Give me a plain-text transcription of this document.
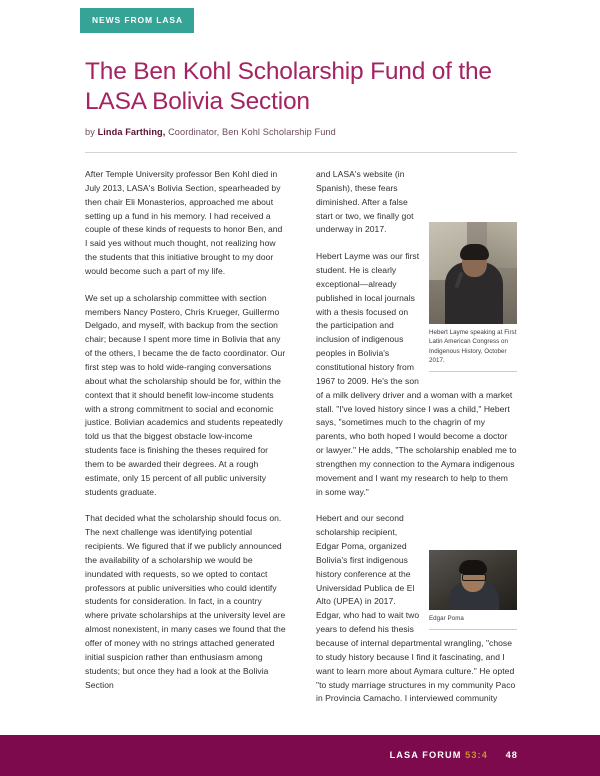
NEWS FROM LASA
The Ben Kohl Scholarship Fund of the LASA Bolivia Section
by Linda Farthing, Coordinator, Ben Kohl Scholarship Fund

After Temple University professor Ben Kohl died in July 2013, LASA's Bolivia Section, spearheaded by then chair Eli Monasterios, approached me about setting up a fund in his memory. I had received a couple of these kinds of requests to honor Ben, and I said yes without much thought, not realizing how the students that this initiative brought to my door would become such a part of my life.

We set up a scholarship committee with section members Nancy Postero, Chris Krueger, Guillermo Delgado, and myself, with backup from the section chair; because I spent more time in Bolivia that any of the others, I became the de facto coordinator. Our first step was to hold wide-ranging conversations about what the scholarship should be for, within the context that it should benefit low-income students with a strong commitment to social and economic justice. Bolivian academics and students repeatedly told us that the biggest obstacle low-income students face is finishing the theses required for them to be awarded their degrees. At a rough estimate, only 15 percent of all public university students graduate.

That decided what the scholarship should focus on. The next challenge was identifying potential recipients. We figured that if we publicly announced the availability of a scholarship we would be inundated with requests, so we opted to contact professors at public universities who could identify students for consideration. In fact, in a country where private scholarships at the university level are almost nonexistent, in many cases we found that the offer of money with no strings attached generated initial suspicion rather than enthusiasm among students; but once they had a look at the Bolivia Section

Hebert Layme speaking at First Latin American Congress on Indigenous History, October 2017.

and LASA's website (in Spanish), these fears diminished. After a false start or two, we finally got underway in 2017.

Hebert Layme was our first student. He is clearly exceptional—already published in local journals with a thesis focused on the participation and inclusion of indigenous peoples in Bolivia's constitutional history from 1967 to 2009. He's the son of a milk delivery driver and a woman with a market stall. "I've loved history since I was a child," Hebert says, "sometimes much to the chagrin of my parents, who both hoped I would become a doctor or lawyer." He adds, "The scholarship enabled me to strengthen my connection to the Aymara indigenous movement and I want my research to help to them in some way."

Edgar Poma

Hebert and our second scholarship recipient, Edgar Poma, organized Bolivia's first indigenous history conference at the Universidad Publica de El Alto (UPEA) in 2017. Edgar, who had to wait two years to defend his thesis because of internal departmental wrangling, "chose to study history because I find it fascinating, and I want to learn more about Aymara culture." He opted "to study marriage structures in my community Paco in Provincia Camacho. I interviewed community

LASA FORUM 53:4 48
